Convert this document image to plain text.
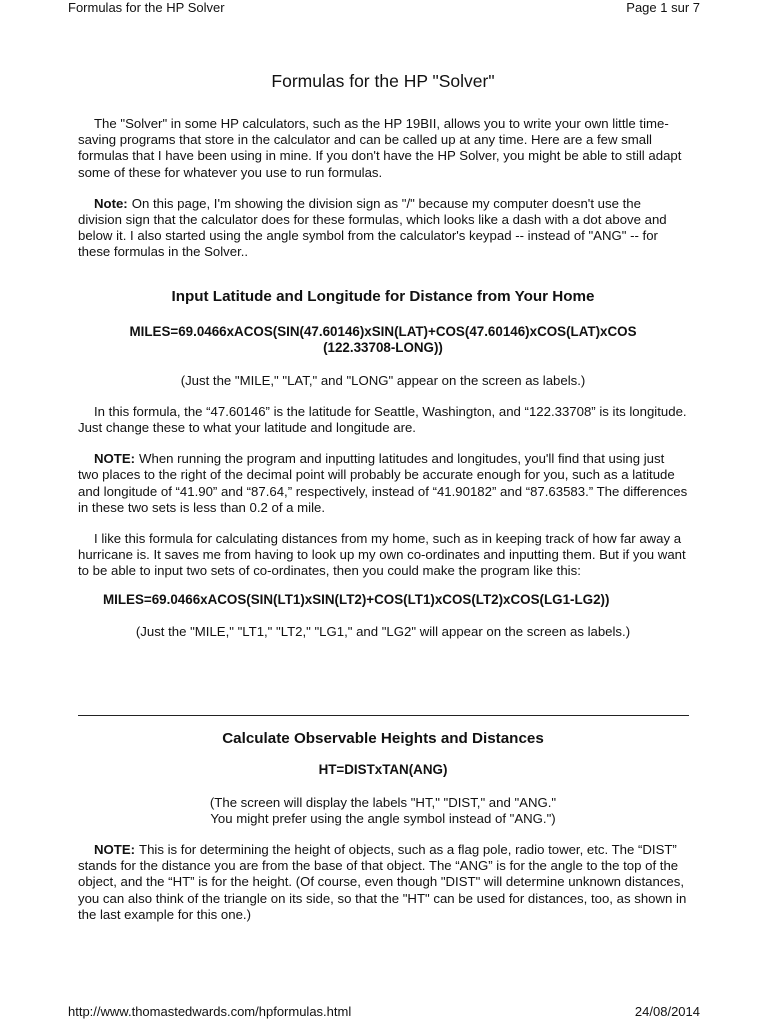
Formulas for the HP Solver	Page 1 sur 7
Formulas for the HP "Solver"

The "Solver" in some HP calculators, such as the HP 19BII, allows you to write your own little time-saving programs that store in the calculator and can be called up at any time. Here are a few small formulas that I have been using in mine. If you don't have the HP Solver, you might be able to still adapt some of these for whatever you use to run formulas.

Note: On this page, I'm showing the division sign as "/" because my computer doesn't use the division sign that the calculator does for these formulas, which looks like a dash with a dot above and below it. I also started using the angle symbol from the calculator's keypad -- instead of "ANG" -- for these formulas in the Solver..

Input Latitude and Longitude for Distance from Your Home

MILES=69.0466xACOS(SIN(47.60146)xSIN(LAT)+COS(47.60146)xCOS(LAT)xCOS

(122.33708-LONG))

(Just the "MILE," "LAT," and "LONG" appear on the screen as labels.)

In this formula, the “47.60146” is the latitude for Seattle, Washington, and “122.33708” is its longitude. Just change these to what your latitude and longitude are.

NOTE: When running the program and inputting latitudes and longitudes, you'll find that using just two places to the right of the decimal point will probably be accurate enough for you, such as a latitude and longitude of “41.90” and “87.64,” respectively, instead of “41.90182” and “87.63583.” The differences in these two sets is less than 0.2 of a mile.

I like this formula for calculating distances from my home, such as in keeping track of how far away a hurricane is. It saves me from having to look up my own co-ordinates and inputting them. But if you want to be able to input two sets of co-ordinates, then you could make the program like this:

MILES=69.0466xACOS(SIN(LT1)xSIN(LT2)+COS(LT1)xCOS(LT2)xCOS(LG1-LG2))

(Just the "MILE," "LT1," "LT2," "LG1," and "LG2" will appear on the screen as labels.)

Calculate Observable Heights and Distances

HT=DISTxTAN(ANG)

(The screen will display the labels "HT," "DIST," and "ANG."

You might prefer using the angle symbol instead of "ANG.")

NOTE: This is for determining the height of objects, such as a flag pole, radio tower, etc. The “DIST” stands for the distance you are from the base of that object. The “ANG” is for the angle to the top of the object, and the “HT” is for the height. (Of course, even though "DIST" will determine unknown distances, you can also think of the triangle on its side, so that the "HT" can be used for distances, too, as shown in the last example for this one.)

http://www.thomastedwards.com/hpformulas.html	24/08/2014
